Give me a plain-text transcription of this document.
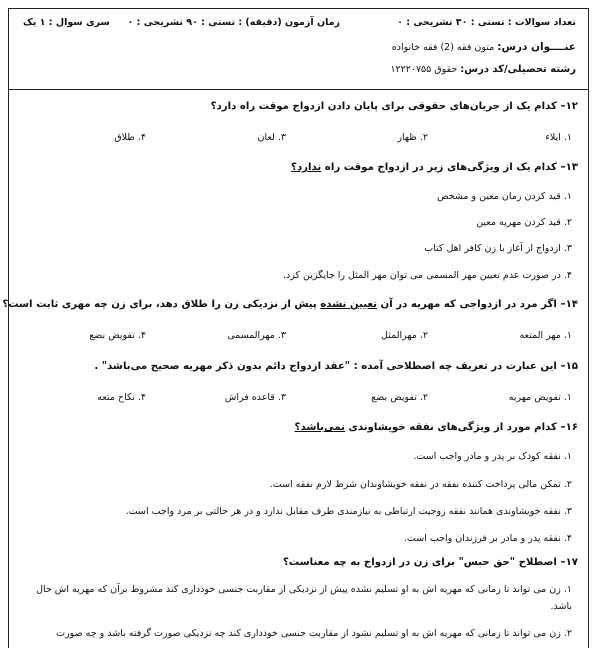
تعداد سوالات : تستی : ۳۰ تشریحی : ۰
زمان آزمون (دقیقه) : تستی : ۹۰ تشریحی : ۰
سری سوال : ۱ یک
عنــــوان درس: متون فقه (2) فقه خانواده
رشته تحصیلی/کد درس: حقوق ۱۲۲۲۰۷۵۵
۱۲– کدام یک از جریان‌های حقوقی برای پایان دادن ازدواج موقت راه دارد؟
۱. ایلاء
۲. ظهار
۳. لعان
۴. طلاق
۱۳– کدام یک از ویژگی‌های زیر در ازدواج موقت راه ندارد؟
۱. قید کردن زمان معین و مشخص
۲. قید کردن مهریه معین
۳. ازدواج از آغاز با زن کافر اهل کتاب
۴. در صورت عدم تعیین مهر المسمی می توان مهر المثل را جایگزین کرد.
۱۴– اگر مرد در ازدواجی که مهریه در آن تعیین نشده پیش از نزدیکی زن را طلاق دهد، برای زن چه مهری ثابت است؟
۱. مهر المتعه
۲. مهرالمثل
۳. مهرالمسمی
۴. تفویض بضع
۱۵– این عبارت در تعریف چه اصطلاحی آمده : "عقد ازدواج دائم بدون ذکر مهریه صحیح می‌باشد" .
۱. تفویض مهریه
۲. تفویض بضع
۳. قاعده فراش
۴. نکاح متعه
۱۶– کدام مورد از ویژگی‌های نفقه خویشاوندی نمی‌باشد؟
۱. نفقه کودک بر پدر و مادر واجب است.
۲. تمکن مالی پرداخت کننده نفقه در نفقه خویشاوندان شرط لازم نفقه است.
۳. نفقه خویشاوندی همانند نفقه زوجیت ارتباطی به نیازمندی طرف مقابل ندارد و در هر حالتی بر مرد واجب است.
۴. نفقه پدر و مادر بر فرزندان واجب است.
۱۷– اصطلاح "حق حبس" برای زن در ازدواج به چه معناست؟
۱. زن می تواند تا زمانی که مهریه اش به او تسلیم نشده پیش از نزدیکی از مقاربت جنسی خودداری کند مشروط برآن که مهریه اش حال باشد.
۲. زن می تواند تا زمانی که مهریه اش به او تسلیم نشود از مقاربت جنسی خودداری کند چه نزدیکی صورت گرفته باشد و چه صورت
